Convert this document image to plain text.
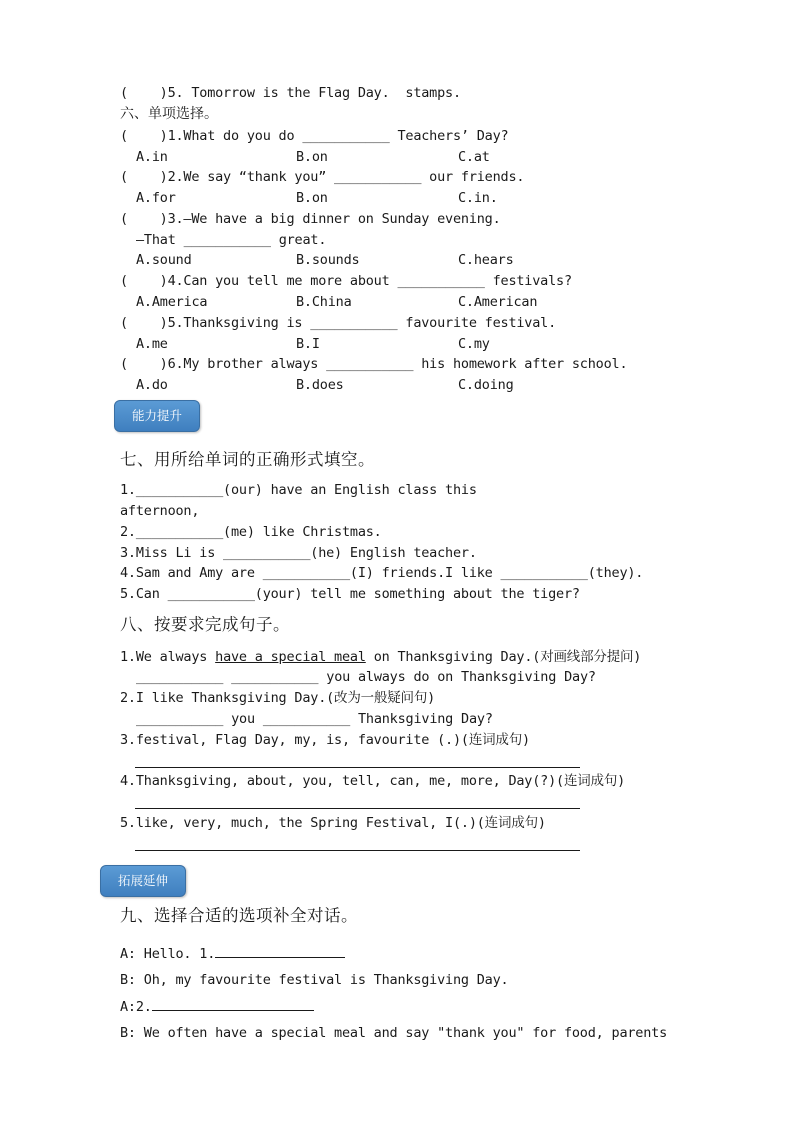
(    )5. Tomorrow is the Flag Day.  stamps.
六、单项选择。
(    )1.What do you do ___________ Teachers’ Day?
A.in	B.on	C.at
(    )2.We say “thank you” ___________ our friends.
A.for	B.on	C.in.
(    )3.—We have a big dinner on Sunday evening.
—That ___________ great.
A.sound	B.sounds	C.hears
(    )4.Can you tell me more about ___________ festivals?
A.America	B.China	C.American
(    )5.Thanksgiving is ___________ favourite festival.
A.me	B.I	C.my
(    )6.My brother always ___________ his homework after school.
A.do	B.does	C.doing
能力提升
七、用所给单词的正确形式填空。
1.___________(our) have an English class this
afternoon,
2.___________(me) like Christmas.
3.Miss Li is ___________(he) English teacher.
4.Sam and Amy are ___________(I) friends.I like ___________(they).
5.Can ___________(your) tell me something about the tiger?
八、按要求完成句子。
1.We always have a special meal on Thanksgiving Day.(对画线部分提问)
___________ ___________ you always do on Thanksgiving Day?
2.I like Thanksgiving Day.(改为一般疑问句)
___________ you ___________ Thanksgiving Day?
3.festival, Flag Day, my, is, favourite (.)(连词成句)
4.Thanksgiving, about, you, tell, can, me, more, Day(?)(连词成句)
5.like, very, much, the Spring Festival, I(.)(连词成句)
拓展延伸
九、选择合适的选项补全对话。
A: Hello. 1.
B: Oh, my favourite festival is Thanksgiving Day.
A:2.
B: We often have a special meal and say "thank you" for food, parents
